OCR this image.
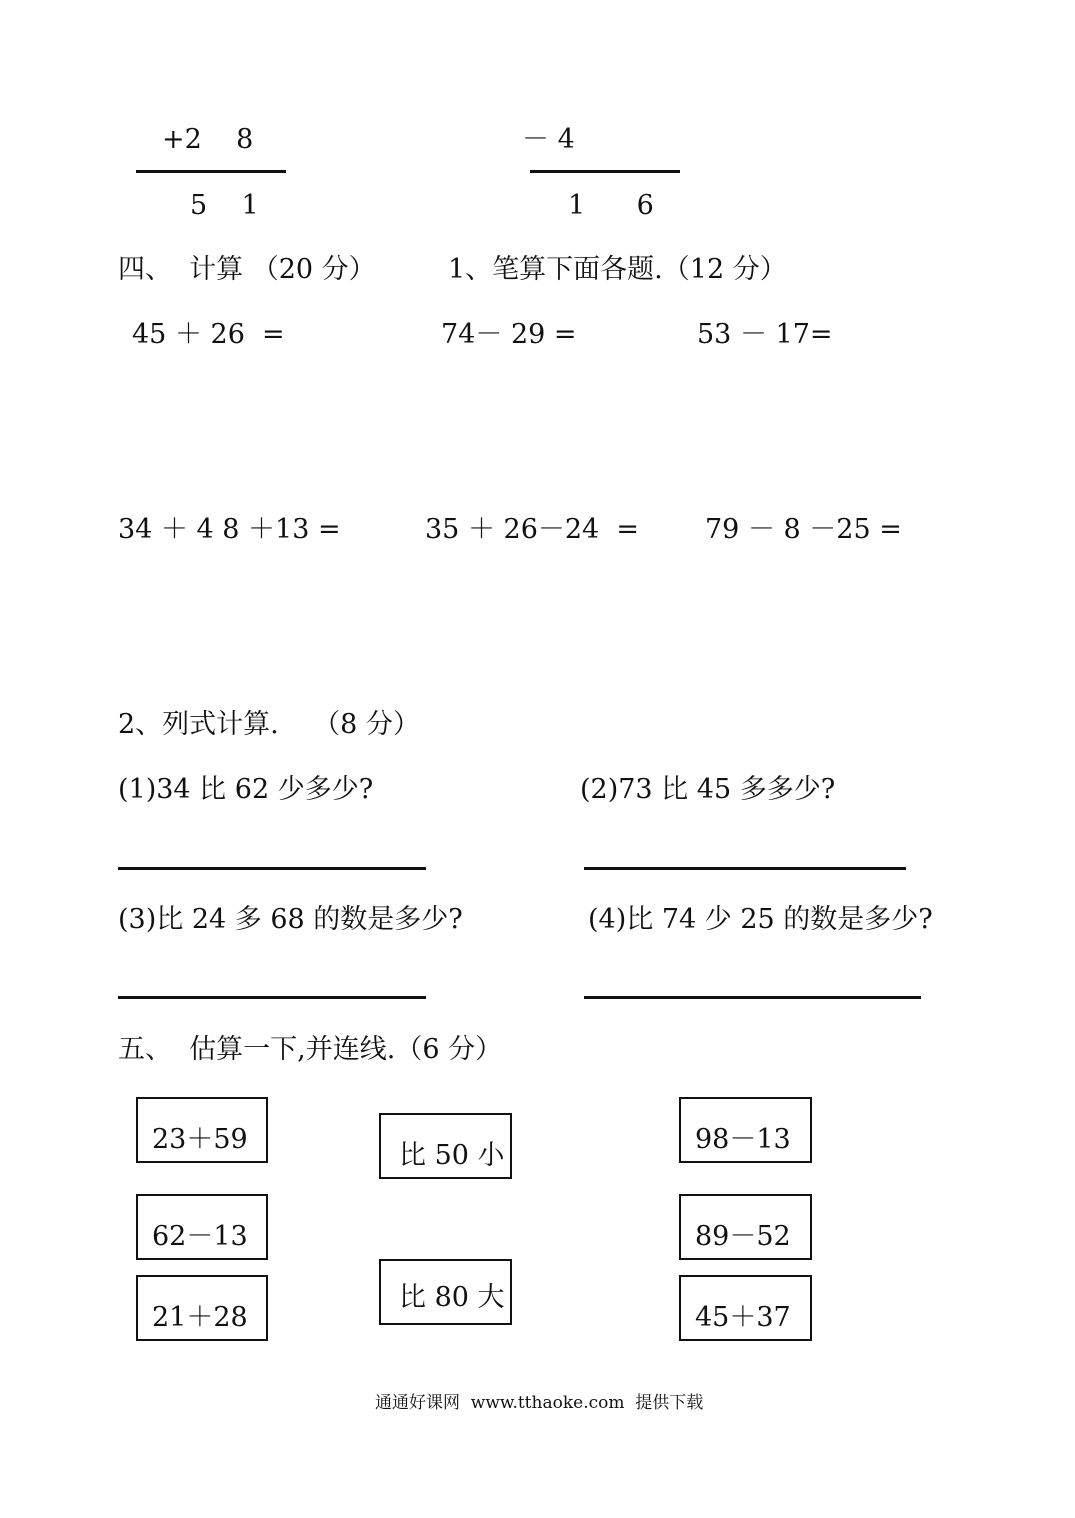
+2    8
5    1
－ 4
1      6
四、  计算 （20 分）	1、笔算下面各题.（12 分）
45 ＋ 26  =	74－ 29 =	53 － 17=
34 ＋ 4 8 ＋13 =	35 ＋ 26－24  = 79 － 8 －25 =
2、列式计算.    （8 分）
(1)34 比 62 少多少?	(2)73 比 45 多多少?
(3)比 24 多 68 的数是多少?	(4)比 74 少 25 的数是多少?
五、  估算一下,并连线.（6 分）
23＋59
62－13
21＋28
比 50 小
比 80 大
98－13
89－52
45＋37
通通好课网  www.tthaoke.com  提供下载
